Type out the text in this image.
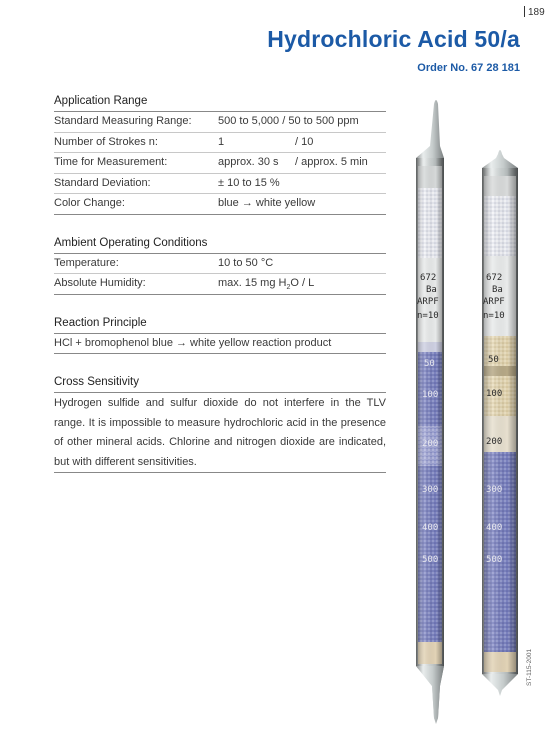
189
Hydrochloric Acid 50/a
Order No. 67 28 181
Application Range
Standard Measuring Range:	500 to 5,000 / 50 to 500 ppm
Number of Strokes n:	1	/ 10
Time for Measurement:	approx. 30 s	/ approx. 5 min
Standard Deviation:	± 10 to 15 %
Color Change:	blue → white yellow
Ambient Operating Conditions
Temperature:	10 to 50 °C
Absolute Humidity:	max. 15 mg $H_2O$ / L
Reaction Principle
HCl + bromophenol blue → white yellow reaction product
Cross Sensitivity
Hydrogen sulfide and sulfur dioxide do not interfere in the TLV range. It is impossible to measure hydrochloric acid in the presence of other mineral acids. Chlorine and nitrogen dioxide are indicated, but with different sensitivities.
672
Ba
ARPF
n=10
50
100
200
300
400
500
672
Ba
ARPF
n=10
50
100
200
300
400
500
ST-115-2001
